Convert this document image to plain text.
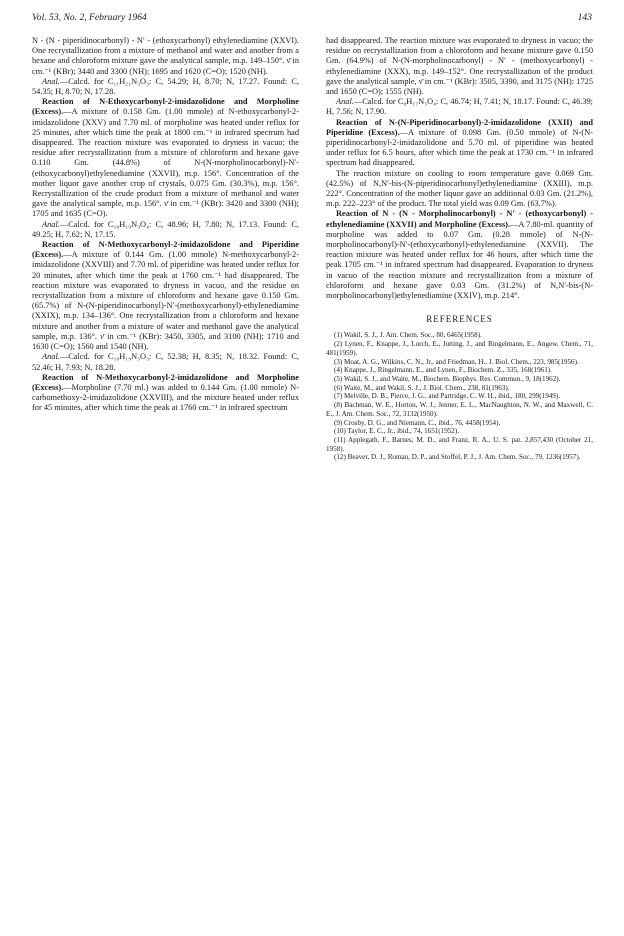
Vol. 53, No. 2, February 1964	143

N - (N - piperidinocarbonyl) - N′ - (ethoxycarbonyl) ethylenediamine (XXVI). One recrystallization from a mixture of methanol and water and another from a hexane and chloroform mixture gave the analytical sample, m.p. 149–150°. ν̄ in cm.⁻¹ (KBr); 3440 and 3300 (NH); 1695 and 1620 (C=O); 1520 (NH).

Anal.—Calcd. for C₁₁H₂₁N₃O₃: C, 54.29; H, 8.70; N, 17.27. Found: C, 54.35; H, 8.70; N, 17.28.

Reaction of N-Ethoxycarbonyl-2-imidazolidone and Morpholine (Excess).—A mixture of 0.158 Gm. (1.00 mmole) of N-ethoxycarbonyl-2-imidazolidone (XXV) and 7.70 ml. of morpholine was heated under reflux for 25 minutes, after which time the peak at 1800 cm.⁻¹ in infrared spectrum had disappeared. The reaction mixture was evaporated to dryness in vacuo; the residue after recrystallization from a mixture of chloroform and hexane gave 0.110 Gm. (44.8%) of N-(N-morpholinocarbonyl)-N′-(ethoxycarbonyl)ethylenediamine (XXVII), m.p. 156°. Concentration of the mother liquor gave another crop of crystals, 0.075 Gm. (30.3%), m.p. 156°. Recrystallization of the crude product from a mixture of methanol and water gave the analytical sample, m.p. 156°. ν̄ in cm.⁻¹ (KBr): 3420 and 3300 (NH); 1705 and 1635 (C=O).

Anal.—Calcd. for C₁₀H₁₉N₃O₄: C, 48.96; H, 7.80; N, 17.13. Found: C, 49.25; H, 7.62; N, 17.15.

Reaction of N-Methoxycarbonyl-2-imidazolidone and Piperidine (Excess).—A mixture of 0.144 Gm. (1.00 mmole) N-methoxycarbonyl-2-imidazolidone (XXVIII) and 7.70 ml. of piperidine was heated under reflux for 20 minutes, after which time the peak at 1760 cm.⁻¹ had disappeared. The reaction mixture was evaporated to dryness in vacuo, and the residue on recrystallization from a mixture of chloroform and hexane gave 0.150 Gm. (65.7%) of N-(N-piperidinocarbonyl)-N′-(methoxycarbonyl)-ethylenediamine (XXIX), m.p. 134–136°. One recrystallization from a chloroform and hexane mixture and another from a mixture of water and methanol gave the analytical sample, m.p. 136°. ν̄ in cm.⁻¹ (KBr): 3450, 3305, and 3100 (NH); 1710 and 1630 (C=O); 1560 and 1540 (NH).

Anal.—Calcd. for C₁₀H₁₉N₃O₃: C, 52.38; H, 8.35; N, 18.32. Found: C, 52.46; H, 7.93; N, 18.28.

Reaction of N-Methoxycarbonyl-2-imidazolidone and Morpholine (Excess).—Morpholine (7.70 ml.) was added to 0.144 Gm. (1.00 mmole) N-carbomethoxy-2-imidazolidone (XXVIII), and the mixture heated under reflux for 45 minutes, after which time the peak at 1760 cm.⁻¹ in infrared spectrum

had disappeared. The reaction mixture was evaporated to dryness in vacuo; the residue on recrystallization from a chloroform and hexane mixture gave 0.150 Gm. (64.9%) of N-(N-morpholinocarbonyl) - N′ - (methoxycarbonyl) - ethylenediamine (XXX), m.p. 149–152°. One recrystallization of the product gave the analytical sample, ν̄ in cm.⁻¹ (KBr): 3505, 3390, and 3175 (NH): 1725 and 1650 (C=O); 1555 (NH).

Anal.—Calcd. for C₉H₁₇N₃O₄: C, 46.74; H, 7.41; N, 18.17. Found: C, 46.39; H, 7.56; N, 17.90.

Reaction of N-(N-Piperidinocarbonyl)-2-imidazolidone (XXII) and Piperidine (Excess).—A mixture of 0.098 Gm. (0.50 mmole) of N-(N-piperidinocarbonyl-2-imidazolidone and 5.70 ml. of piperidine was heated under reflux for 6.5 hours, after which time the peak at 1730 cm.⁻¹ in infrared spectrum had disappeared.

The reaction mixture on cooling to room temperature gave 0.069 Gm. (42.5%) of N,N′-bis-(N-piperidinocarbonyl)ethylenediamine (XXIII), m.p. 222°. Concentration of the mother liquor gave an additional 0.03 Gm. (21.2%), m.p. 222–223° of the product. The total yield was 0.09 Gm. (63.7%).

Reaction of N - (N - Morpholinocarbonyl) - N′ - (ethoxycarbonyl) - ethylenediamine (XXVII) and Morpholine (Excess).—A 7.80-ml. quantity of morpholine was added to 0.07 Gm. (0.28 mmole) of N-(N-morpholinocarbonyl)-N′-(ethoxycarbonyl)-ethylenediamine (XXVII). The reaction mixture was heated under reflux for 46 hours, after which time the peak 1705 cm.⁻¹ in infrared spectrum had disappeared. Evaporation to dryness in vacuo of the reaction mixture and recrystallization from a mixture of chloroform and hexane gave 0.03 Gm. (31.2%) of N,N′-bis-(N-morpholinocarbonyl)ethylenediamine (XXIV), m.p. 214°.

REFERENCES

(1) Wakil, S. J., J. Am. Chem. Soc., 80, 6465(1958).

(2) Lynen, F., Knappe, J., Lorch, E., Jutting, J., and Ringelmann, E., Angew. Chem., 71, 481(1959).

(3) Moat, A. G., Wilkins, C. N., Jr., and Friedman, H., J. Biol. Chem., 223, 985(1956).

(4) Knappe, J., Ringelmann, E., and Lynen, F., Biochem. Z., 335, 168(1961).

(5) Wakil, S. J., and Waite, M., Biochem. Biophys. Res. Commun., 9, 18(1962).

(6) Waite, M., and Wakil, S. J., J. Biol. Chem., 238, 81(1963).

(7) Melville, D. B., Pierce, J. G., and Partridge, C. W. H., ibid., 180, 299(1949).

(8) Bachman, W. E., Horton, W. J., Jenner, E. L., MacNaughton, N. W., and Maxwell, C. E., J. Am. Chem. Soc., 72, 3132(1950).

(9) Crosby, D. G., and Niemann, C., ibid., 76, 4458(1954).

(10) Taylor, E. C., Jr., ibid., 74, 1651(1952).

(11) Applegath, F., Barnes, M. D., and Franz, R. A., U. S. pat. 2,857,430 (October 21, 1958).

(12) Beaver, D. J., Roman, D. P., and Stoffel, P. J., J. Am. Chem. Soc., 79, 1236(1957).
